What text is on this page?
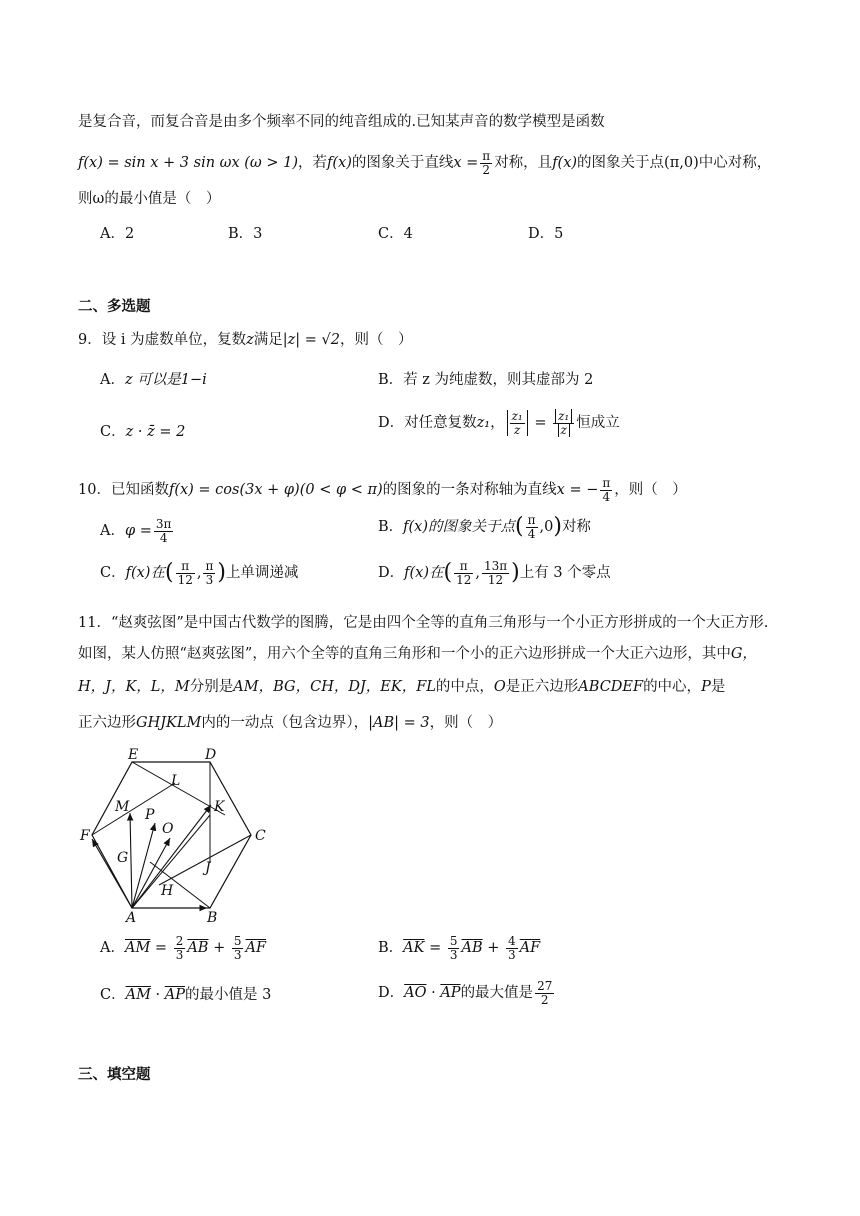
是复合音，而复合音是由多个频率不同的纯音组成的.已知某声音的数学模型是函数
f(x) = sin x + 3 sin ωx (ω > 1)，若f(x)的图象关于直线$x = \frac{\pi}{2}$ 对称，且f(x)的图象关于点(π,0)中心对称，
则ω的最小值是（　）
A．2	B．3	C．4	D．5
二、多选题
9．设 i 为虚数单位，复数z满足|z| = √2，则（　）
A．z 可以是1−i	B．若 z 为纯虚数，则其虚部为 2
C．z · z̄ = 2
D．对任意复数z₁， $\frac{\text{z₁}}{z} = \frac{\text{z₁}}{z}$ 恒成立
10．已知函数f(x) = cos(3x + φ)(0 < φ < π)的图象的一条对称轴为直线x = − $\frac{\pi}{4}$ ，则（　）
A．$\varphi = \frac{3\pi}{4}$	B．f(x)的图象关于点( $\frac{\pi}{4} ,0$)对称
C．f(x)在( $\frac{\pi}{12}$ , $\frac{\pi}{3}$ )上单调递减	D．f(x)在( $\frac{\pi}{12}$ , $\frac{13\pi}{12}$ )上有 3 个零点
11．“赵爽弦图”是中国古代数学的图腾，它是由四个全等的直角三角形与一个小正方形拼成的一个大正方形.
如图，某人仿照“赵爽弦图”，用六个全等的直角三角形和一个小的正六边形拼成一个大正六边形，其中G，
H，J，K，L，M分别是AM，BG，CH，DJ，EK，FL的中点，O是正六边形ABCDEF的中心，P是
正六边形GHJKLM内的一动点（包含边界），|AB| = 3，则（　）
A	B
C
D
E
F
G
H
J
K
L
M
O
P
A．$\overline{AM} = \frac{2}{3} \overline{AB} + \frac{5}{3} \overline{AF}$	B．$\overline{AK} = \frac{5}{3} \overline{AB} + \frac{4}{3} \overline{AF}$
C．$\overline{AM} \cdot \overline{AP}$的最小值是 3	D．$\overline{AO} \cdot \overline{AP}$的最大值是 $\frac{27}{2}$
三、填空题
